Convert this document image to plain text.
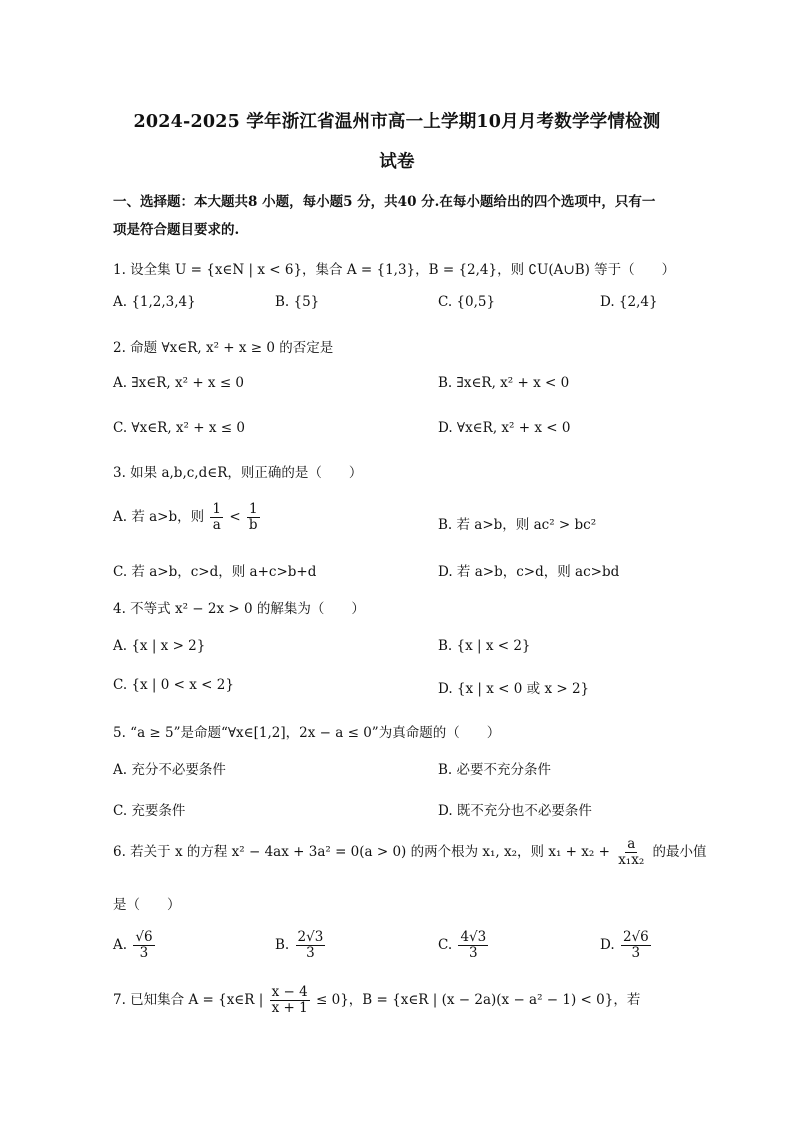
2024-2025 学年浙江省温州市高一上学期10月月考数学学情检测
试卷
一、选择题：本大题共8 小题，每小题5 分，共40 分.在每小题给出的四个选项中，只有一
项是符合题目要求的.
1. 设全集 U = {x∈N | x < 6}，集合 A = {1,3}，B = {2,4}，则 ∁U(A∪B) 等于（　　）
A. {1,2,3,4}	B. {5}	C. {0,5}	D. {2,4}
2. 命题 ∀x∈R, x² + x ≥ 0 的否定是
A. ∃x∈R, x² + x ≤ 0	B. ∃x∈R, x² + x < 0
C. ∀x∈R, x² + x ≤ 0	D. ∀x∈R, x² + x < 0
3. 如果 a,b,c,d∈R，则正确的是（　　）
A. 若 a>b，则 $\frac{1}{a} < \frac{1}{b}$	B. 若 a>b，则 ac² > bc²
C. 若 a>b，c>d，则 a+c>b+d	D. 若 a>b，c>d，则 ac>bd
4. 不等式 x² − 2x > 0 的解集为（　　）
A. {x | x > 2}	B. {x | x < 2}
C. {x | 0 < x < 2}	D. {x | x < 0 或 x > 2}
5. “a ≥ 5”是命题“∀x∈[1,2]，2x − a ≤ 0”为真命题的（　　）
A. 充分不必要条件	B. 必要不充分条件
C. 充要条件	D. 既不充分也不必要条件
6. 若关于 x 的方程 x² − 4ax + 3a² = 0(a > 0) 的两个根为 x₁, x₂，则 $x_1 + x_2 + \frac{a}{\text{x₁x₂}}$ 的最小值
是（　　）
A. $\frac{√6}{3}$	B. $\frac{2√3}{3}$	C. $\frac{4√3}{3}$	D. $\frac{2√6}{3}$
7. 已知集合 A = {x∈R | $\frac{x - 4}{x + 1} \le 0$}，B = {x∈R | (x − 2a)(x − a² − 1) < 0}，若
